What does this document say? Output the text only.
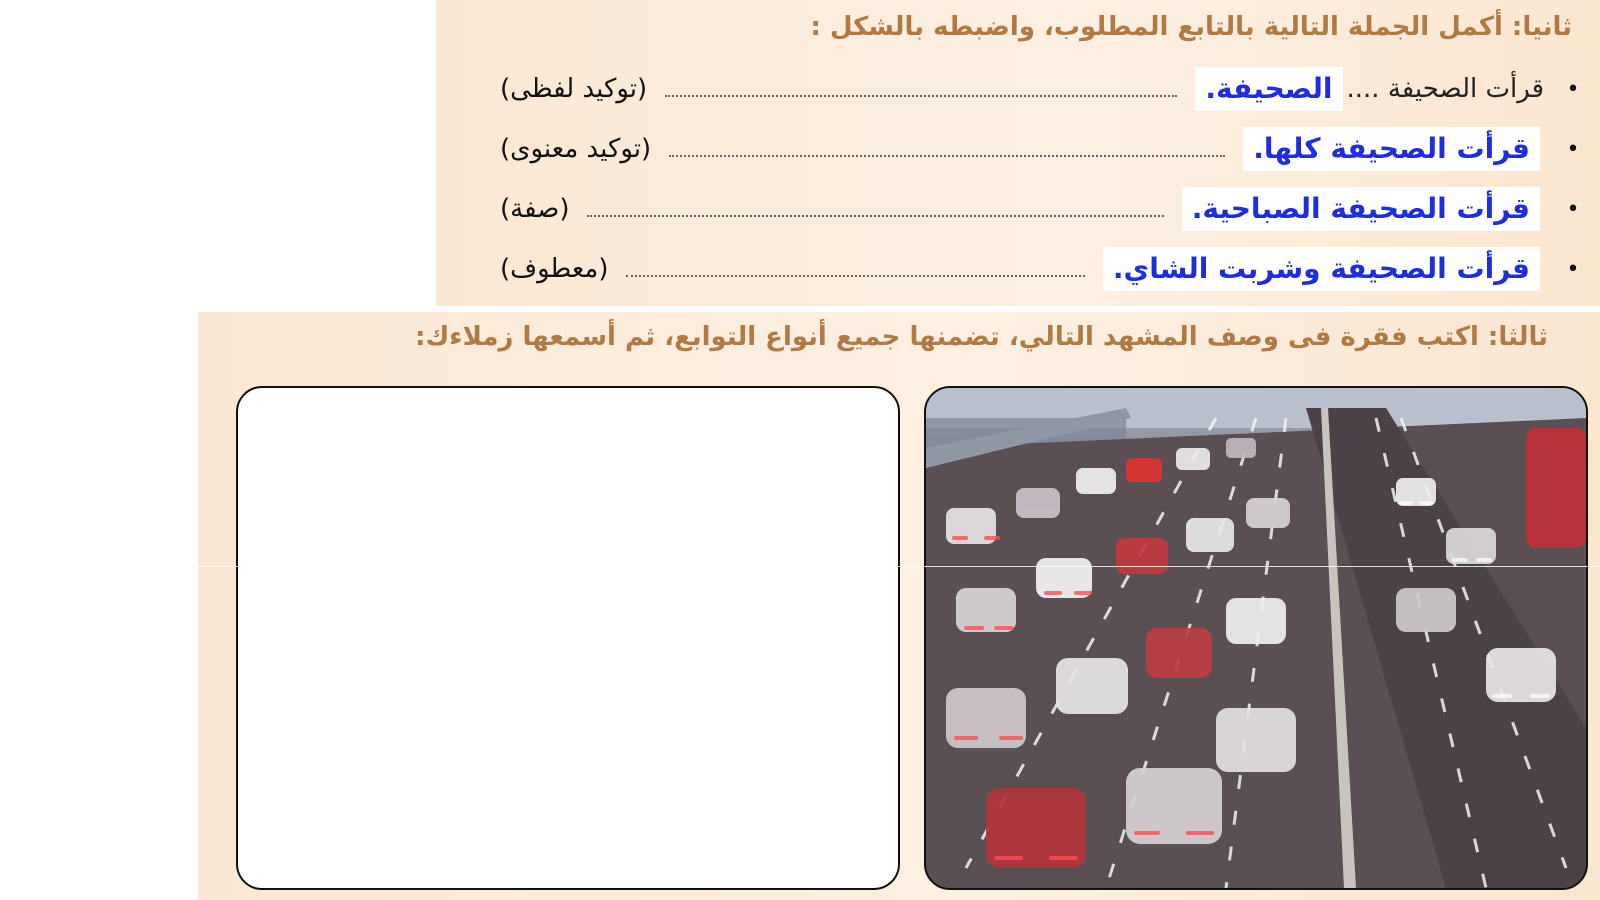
ثانيا: أكمل الجملة التالية بالتابع المطلوب، واضبطه بالشكل :
•
قرأت الصحيفة ....
الصحيفة.
(توكيد لفظى)
•
قرأت الصحيفة كلها.
(توكيد معنوى)
•
قرأت الصحيفة الصباحية.
(صفة)
•
قرأت الصحيفة وشربت الشاي.
(معطوف)
ثالثا: اكتب فقرة فى وصف المشهد التالي، تضمنها جميع أنواع التوابع، ثم أسمعها زملاءك:
